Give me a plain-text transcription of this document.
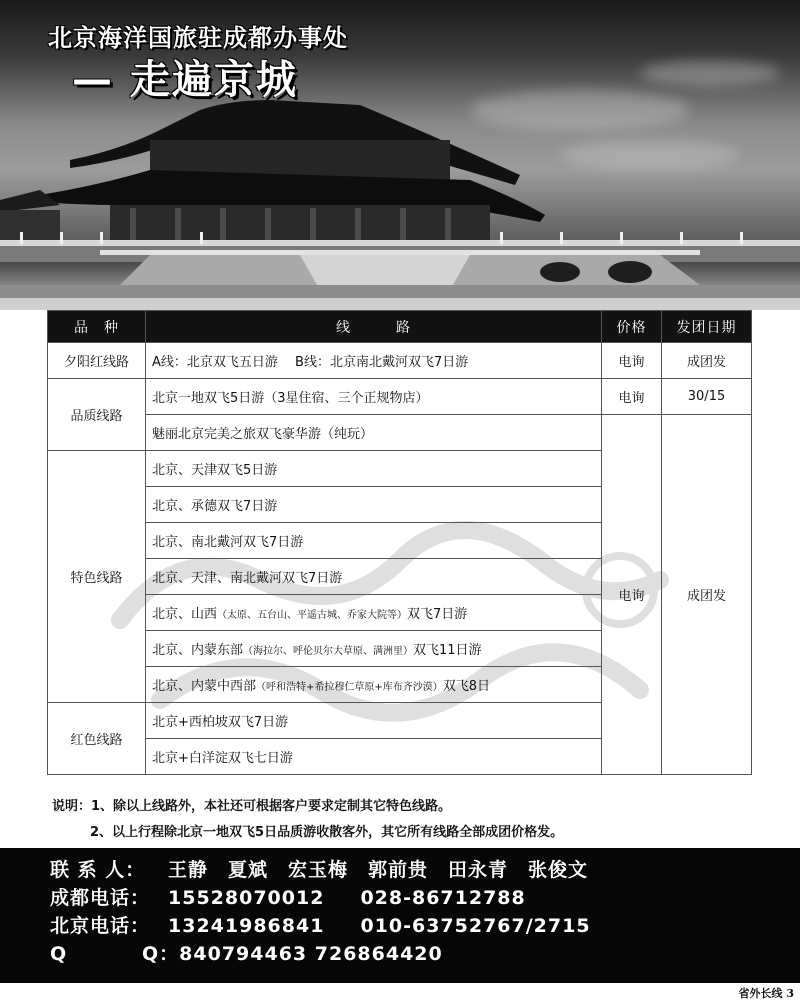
北京海洋国旅驻成都办事处
— 走遍京城
品　种	线　　　路	价格	发团日期
夕阳红线路	A线：北京双飞五日游　 B线：北京南北戴河双飞7日游	电询	成团发
品质线路	北京一地双飞5日游（3星住宿、三个正规物店）	电询	30/15
	魅丽北京完美之旅双飞豪华游（纯玩）	电询	成团发
特色线路	北京、天津双飞5日游		
	北京、承德双飞7日游		
	北京、南北戴河双飞7日游		
	北京、天津、南北戴河双飞7日游		
	北京、山西（太原、五台山、平遥古城、乔家大院等）双飞7日游		
	北京、内蒙东部（海拉尔、呼伦贝尔大草原、满洲里）双飞11日游		
	北京、内蒙中西部（呼和浩特+希拉穆仁草原+库布齐沙漠）双飞8日		
红色线路	北京+西柏坡双飞7日游		
	北京+白洋淀双飞七日游		
说明：1、除以上线路外，本社还可根据客户要求定制其它特色线路。
2、以上行程除北京一地双飞5日品质游收散客外，其它所有线路全部成团价格发。
联 系 人：	王静　夏斌　宏玉梅　郭前贵　田永青　张俊文
成都电话： 15528070012 028-86712788
北京电话： 13241986841 010-63752767/2715
Q	Q： 840794463 726864420
省外长线 3
